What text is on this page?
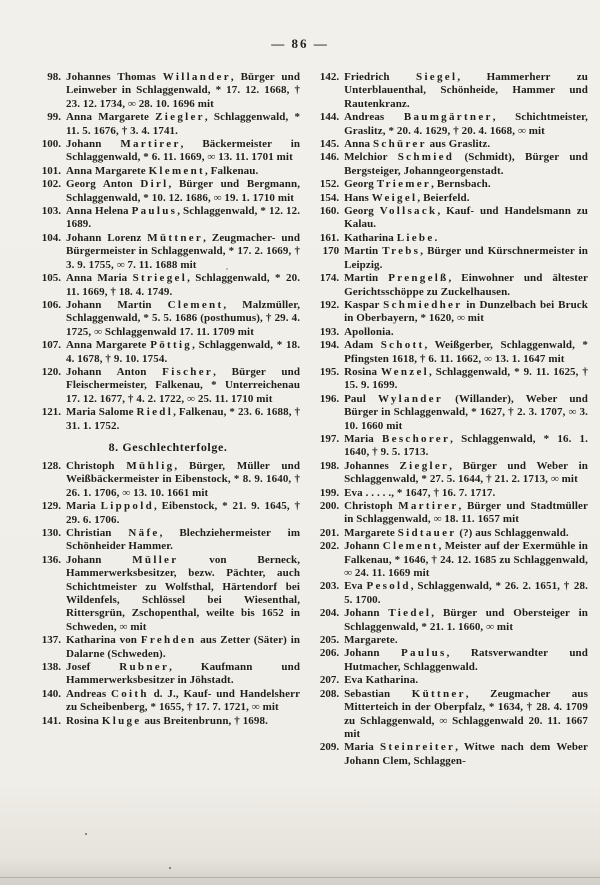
— 86 —
98. Johannes Thomas Willander, Bürger und Leinweber in Schlaggenwald, * 17. 12. 1668, † 23. 12. 1734, ∞ 28. 10. 1696 mit
99. Anna Margarete Ziegler, Schlaggenwald, * 11. 5. 1676, † 3. 4. 1741.
100. Johann Martirer, Bäckermeister in Schlaggenwald, * 6. 11. 1669, ∞ 13. 11. 1701 mit
101. Anna Margarete Klement, Falkenau.
102. Georg Anton Dirl, Bürger und Bergmann, Schlaggenwald, * 10. 12. 1686, ∞ 19. 1. 1710 mit
103. Anna Helena Paulus, Schlaggenwald, * 12. 12. 1689.
104. Johann Lorenz Müttner, Zeugmacher- und Bürgermeister in Schlaggenwald, * 17. 2. 1669, † 3. 9. 1755, ∞ 7. 11. 1688 mit
105. Anna Maria Striegel, Schlaggenwald, * 20. 11. 1669, † 18. 4. 1749.
106. Johann Martin Clement, Malzmüller, Schlaggenwald, * 5. 5. 1686 (posthumus), † 29. 4. 1725, ∞ Schlaggenwald 17. 11. 1709 mit
107. Anna Margarete Pöttig, Schlaggenwald, * 18. 4. 1678, † 9. 10. 1754.
120. Johann Anton Fischer, Bürger und Fleischermeister, Falkenau, * Unterreichenau 17. 12. 1677, † 4. 2. 1722, ∞ 25. 11. 1710 mit
121. Maria Salome Riedl, Falkenau, * 23. 6. 1688, † 31. 1. 1752.
8. Geschlechterfolge.
128. Christoph Mühlig, Bürger, Müller und Weißbäckermeister in Eibenstock, * 8. 9. 1640, † 26. 1. 1706, ∞ 13. 10. 1661 mit
129. Maria Lippold, Eibenstock, * 21. 9. 1645, † 29. 6. 1706.
130. Christian Näfe, Blechziehermeister im Schönheider Hammer.
136. Johann Müller von Berneck, Hammerwerksbesitzer, bezw. Pächter, auch Schichtmeister zu Wolfsthal, Härtendorf bei Wildenfels, Schlössel bei Wiesenthal, Rittersgrün, Zschopenthal, weilte bis 1652 in Schweden, ∞ mit
137. Katharina von Frehden aus Zetter (Säter) in Dalarne (Schweden).
138. Josef Rubner, Kaufmann und Hammerwerksbesitzer in Jöhstadt.
140. Andreas Coith d. J., Kauf- und Handelsherr zu Scheibenberg, * 1655, † 17. 7. 1721, ∞ mit
141. Rosina Kluge aus Breitenbrunn, † 1698.
142. Friedrich Siegel, Hammerherr zu Unterblauenthal, Schönheide, Hammer und Rautenkranz.
144. Andreas Baumgärtner, Schichtmeister, Graslitz, * 20. 4. 1629, † 20. 4. 1668, ∞ mit
145. Anna Schürer aus Graslitz.
146. Melchior Schmied (Schmidt), Bürger und Bergsteiger, Johanngeorgenstadt.
152. Georg Triemer, Bernsbach.
154. Hans Weigel, Beierfeld.
160. Georg Vollsack, Kauf- und Handelsmann zu Kalau.
161. Katharina Liebe.
170 Martin Trebs, Bürger und Kürschnermeister in Leipzig.
174. Martin Prengelß, Einwohner und ältester Gerichtsschöppe zu Zuckelhausen.
192. Kaspar Schmiedher in Dunzelbach bei Bruck in Oberbayern, * 1620, ∞ mit
193. Apollonia.
194. Adam Schott, Weißgerber, Schlaggenwald, * Pfingsten 1618, † 6. 11. 1662, ∞ 13. 1. 1647 mit
195. Rosina Wenzel, Schlaggenwald, * 9. 11. 1625, † 15. 9. 1699.
196. Paul Wylander (Willander), Weber und Bürger in Schlaggenwald, * 1627, † 2. 3. 1707, ∞ 3. 10. 1660 mit
197. Maria Beschorer, Schlaggenwald, * 16. 1. 1640, † 9. 5. 1713.
198. Johannes Ziegler, Bürger und Weber in Schlaggenwald, * 27. 5. 1644, † 21. 2. 1713, ∞ mit
199. Eva . . . . ., * 1647, † 16. 7. 1717.
200. Christoph Martirer, Bürger und Stadtmüller in Schlaggenwald, ∞ 18. 11. 1657 mit
201. Margarete Sidtauer (?) aus Schlaggenwald.
202. Johann Clement, Meister auf der Exermühle in Falkenau, * 1646, † 24. 12. 1685 zu Schlaggenwald, ∞ 24. 11. 1669 mit
203. Eva Pesold, Schlaggenwald, * 26. 2. 1651, † 28. 5. 1700.
204. Johann Tiedel, Bürger und Obersteiger in Schlaggenwald, * 21. 1. 1660, ∞ mit
205. Margarete.
206. Johann Paulus, Ratsverwandter und Hutmacher, Schlaggenwald.
207. Eva Katharina.
208. Sebastian Küttner, Zeugmacher aus Mitterteich in der Oberpfalz, * 1634, † 28. 4. 1709 zu Schlaggenwald, ∞ Schlaggenwald 20. 11. 1667 mit
209. Maria Steinreiter, Witwe nach dem Weber Johann Clem, Schlaggen-
